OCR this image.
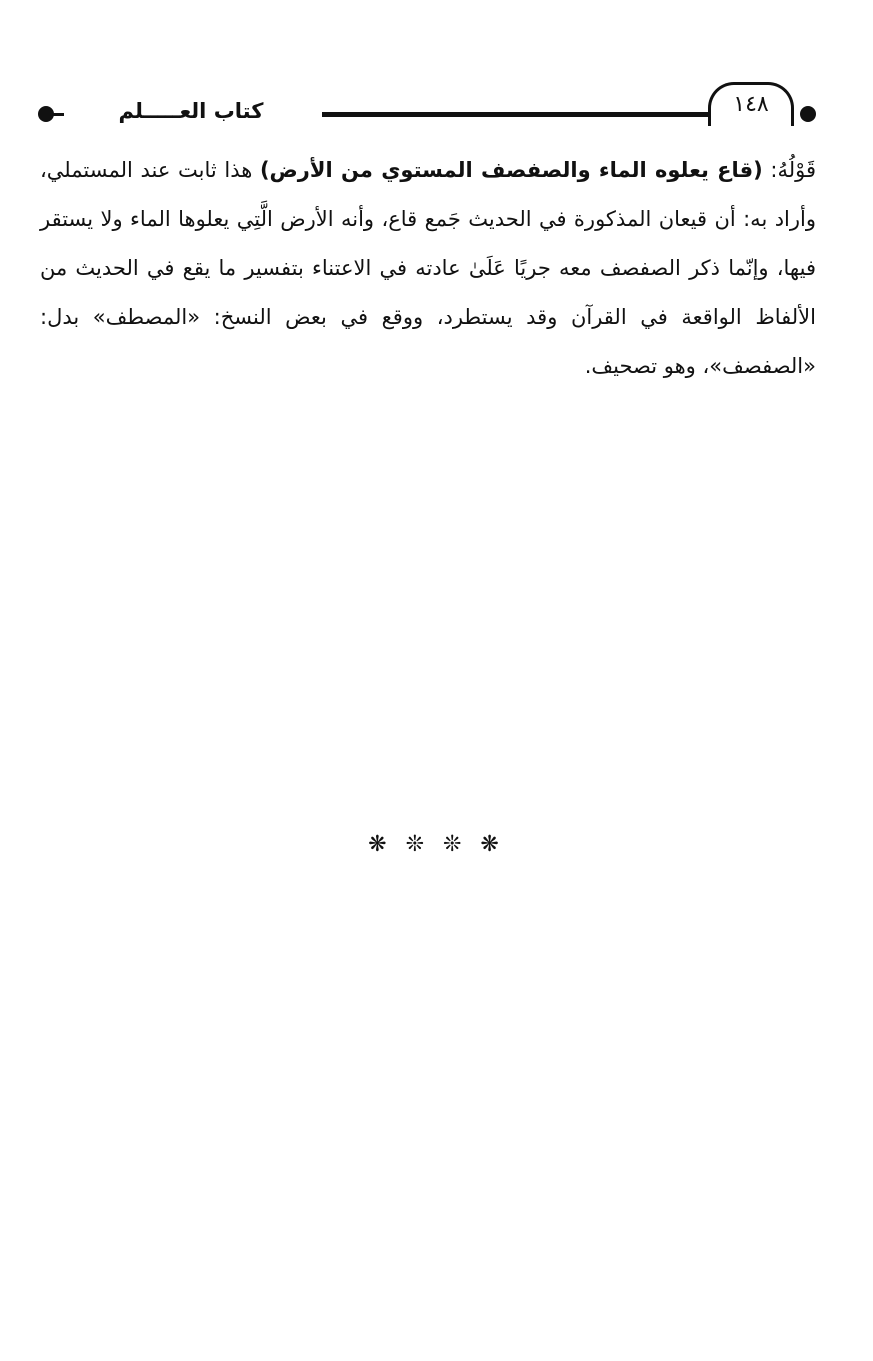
كتاب العـــــلم	١٤٨
قَوْلُهُ: (قاع يعلوه الماء والصفصف المستوي من الأرض) هذا ثابت عند المستملي، وأراد به: أن قيعان المذكورة في الحديث جَمع قاع، وأنه الأرض الَّتِي يعلوها الماء ولا يستقر فيها، وإنّما ذكر الصفصف معه جريًا عَلَىٰ عادته في الاعتناء بتفسير ما يقع في الحديث من الألفاظ الواقعة في القرآن وقد يستطرد، ووقع في بعض النسخ: «المصطف» بدل: «الصفصف»، وهو تصحيف.
❋ ❊ ❊ ❋
